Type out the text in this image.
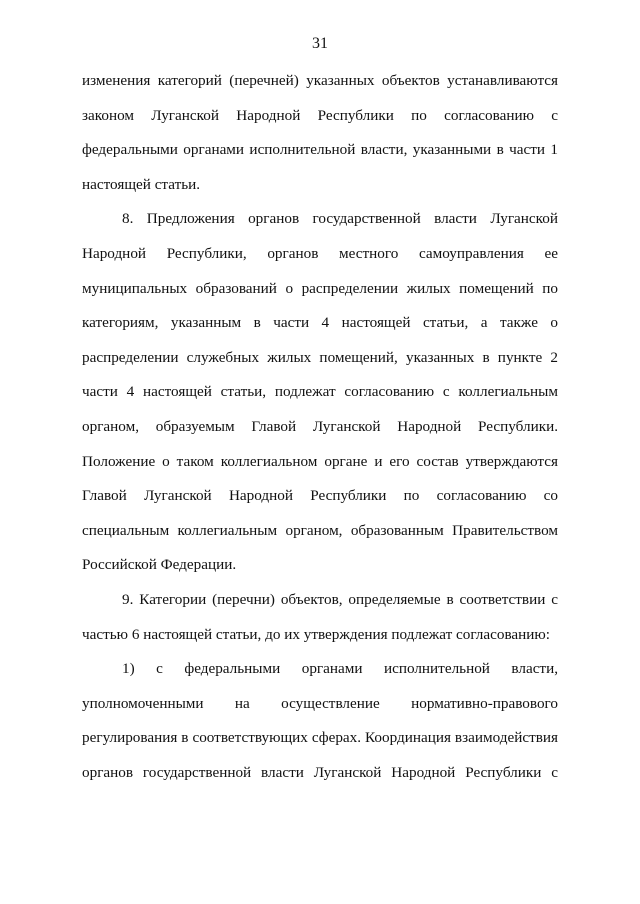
31
изменения категорий (перечней) указанных объектов устанавливаются
законом Луганской Народной Республики по согласованию с
федеральными органами исполнительной власти, указанными в части 1
настоящей статьи.
8. Предложения органов государственной власти Луганской
Народной Республики, органов местного самоуправления ее
муниципальных образований о распределении жилых помещений по
категориям, указанным в части 4 настоящей статьи, а также о
распределении служебных жилых помещений, указанных в пункте 2
части 4 настоящей статьи, подлежат согласованию с коллегиальным
органом, образуемым Главой Луганской Народной Республики.
Положение о таком коллегиальном органе и его состав утверждаются
Главой Луганской Народной Республики по согласованию со
специальным коллегиальным органом, образованным Правительством
Российской Федерации.
9. Категории (перечни) объектов, определяемые в соответствии с
частью 6 настоящей статьи, до их утверждения подлежат согласованию:
1) с федеральными органами исполнительной власти,
уполномоченными на осуществление нормативно-правового
регулирования в соответствующих сферах. Координация взаимодействия
органов государственной власти Луганской Народной Республики с
